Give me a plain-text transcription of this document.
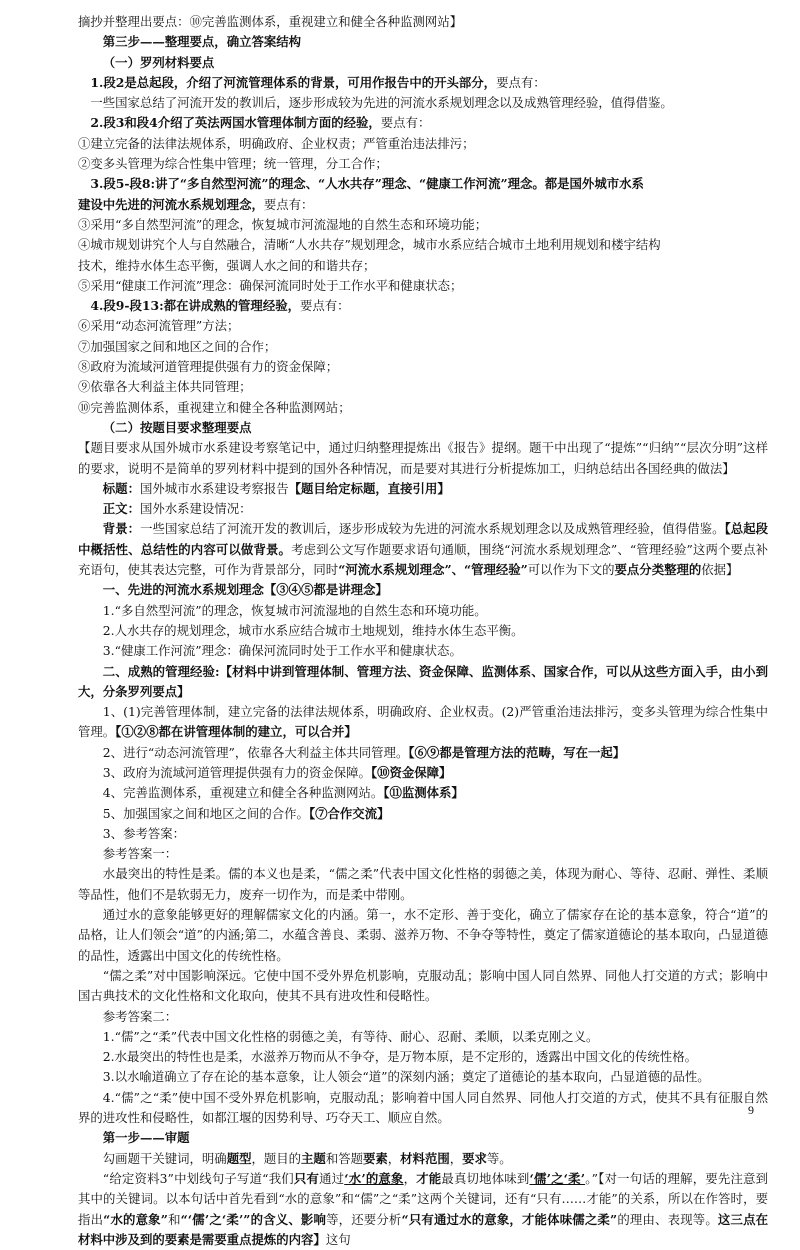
摘抄并整理出要点：⑩完善监测体系，重视建立和健全各种监测网站】
第三步——整理要点，确立答案结构
（一）罗列材料要点
1.段2是总起段，介绍了河流管理体系的背景，可用作报告中的开头部分，要点有：
一些国家总结了河流开发的教训后，逐步形成较为先进的河流水系规划理念以及成熟管理经验，值得借鉴。
2.段3和段4介绍了英法两国水管理体制方面的经验，要点有：
①建立完备的法律法规体系，明确政府、企业权责；严管重治违法排污；
②变多头管理为综合性集中管理；统一管理，分工合作；
3.段5-段8:讲了“多自然型河流”的理念、“人水共存”理念、“健康工作河流”理念。都是国外城市水系
建设中先进的河流水系规划理念，要点有：
③采用“多自然型河流”的理念，恢复城市河流湿地的自然生态和环境功能；
④城市规划讲究个人与自然融合，清晰“人水共存”规划理念，城市水系应结合城市土地利用规划和楼宇结构
技术，维持水体生态平衡，强调人水之间的和谐共存；
⑤采用“健康工作河流”理念：确保河流同时处于工作水平和健康状态；
4.段9-段13:都在讲成熟的管理经验，要点有：
⑥采用“动态河流管理”方法；
⑦加强国家之间和地区之间的合作；
⑧政府为流域河道管理提供强有力的资金保障；
⑨依靠各大利益主体共同管理；
⑩完善监测体系，重视建立和健全各种监测网站；
（二）按题目要求整理要点
【题目要求从国外城市水系建设考察笔记中，通过归纳整理提炼出《报告》提纲。题干中出现了“提炼”“归纳”“层次分明”这样的要求，说明不是简单的罗列材料中提到的国外各种情况，而是要对其进行分析提炼加工，归纳总结出各国经典的做法】
标题：国外城市水系建设考察报告【题目给定标题，直接引用】
正文：国外水系建设情况：
背景：一些国家总结了河流开发的教训后，逐步形成较为先进的河流水系规划理念以及成熟管理经验，值得借鉴。【总起段中概括性、总结性的内容可以做背景。考虑到公文写作题要求语句通顺，围绕“河流水系规划理念”、“管理经验”这两个要点补充语句，使其表达完整，可作为背景部分，同时“河流水系规划理念”、“管理经验”可以作为下文的要点分类整理的依据】
一、先进的河流水系规划理念【③④⑤都是讲理念】
1.“多自然型河流”的理念，恢复城市河流湿地的自然生态和环境功能。
2.人水共存的规划理念，城市水系应结合城市土地规划，维持水体生态平衡。
3.“健康工作河流”理念：确保河流同时处于工作水平和健康状态。
二、成熟的管理经验:【材料中讲到管理体制、管理方法、资金保障、监测体系、国家合作，可以从这些方面入手，由小到大，分条罗列要点】
1、(1)完善管理体制，建立完备的法律法规体系，明确政府、企业权责。(2)严管重治违法排污，变多头管理为综合性集中管理。【①②⑧都在讲管理体制的建立，可以合并】
2、进行“动态河流管理”，依靠各大利益主体共同管理。【⑥⑨都是管理方法的范畴，写在一起】
3、政府为流域河道管理提供强有力的资金保障。【⑩资金保障】
4、完善监测体系，重视建立和健全各种监测网站。【⑪监测体系】
5、加强国家之间和地区之间的合作。【⑦合作交流】
3、参考答案：
参考答案一：
水最突出的特性是柔。儒的本义也是柔，“儒之柔”代表中国文化性格的弱德之美，体现为耐心、等待、忍耐、弹性、柔顺等品性，他们不是软弱无力，废弃一切作为，而是柔中带刚。
通过水的意象能够更好的理解儒家文化的内涵。第一，水不定形、善于变化，确立了儒家存在论的基本意象，符合“道”的品格，让人们领会“道”的内涵;第二，水蕴含善良、柔弱、滋养万物、不争夺等特性，奠定了儒家道德论的基本取向，凸显道德的品性，透露出中国文化的传统性格。
“儒之柔”对中国影响深远。它使中国不受外界危机影响，克服动乱；影响中国人同自然界、同他人打交道的方式；影响中国古典技术的文化性格和文化取向，使其不具有进攻性和侵略性。
参考答案二：
1.“儒”之“柔”代表中国文化性格的弱德之美，有等待、耐心、忍耐、柔顺，以柔克刚之义。
2.水最突出的特性也是柔，水滋养万物而从不争夺，是万物本原，是不定形的，透露出中国文化的传统性格。
3.以水喻道确立了存在论的基本意象，让人领会“道”的深刻内涵；奠定了道德论的基本取向，凸显道德的品性。
4.“儒”之“柔”使中国不受外界危机影响，克服动乱；影响着中国人同自然界、同他人打交道的方式，使其不具有征服自然界的进攻性和侵略性，如都江堰的因势利导、巧夺天工、顺应自然。
第一步——审题
勾画题干关键词，明确题型，题目的主题和答题要素，材料范围，要求等。
“给定资料3”中划线句子写道“我们只有通过‘水’的意象，才能最真切地体味到‘儒’之‘柔’。”【对一句话的理解，要先注意到其中的关键词。以本句话中首先看到“水的意象”和“儒”之“柔”这两个关键词，还有“只有……才能”的关系，所以在作答时，要指出“水的意象”和“‘儒’之‘柔’”的含义、影响等，还要分析“只有通过水的意象，才能体味儒之柔”的理由、表现等。这三点在材料中涉及到的要素是需要重点提炼的内容】这句
9
